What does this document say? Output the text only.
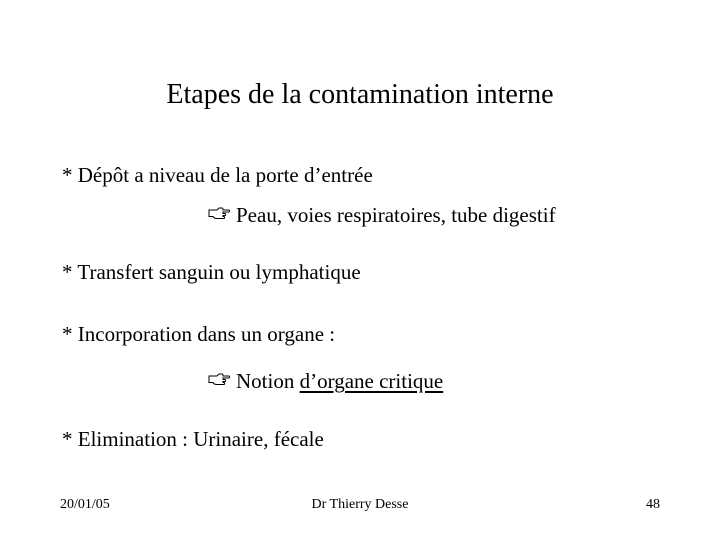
Etapes de la contamination interne
* Dépôt a niveau de la porte d’entrée
Peau, voies respiratoires, tube digestif
* Transfert sanguin ou lymphatique
* Incorporation dans un organe :
Notion d’organe critique
* Elimination : Urinaire, fécale
20/01/05	Dr Thierry Desse	48
